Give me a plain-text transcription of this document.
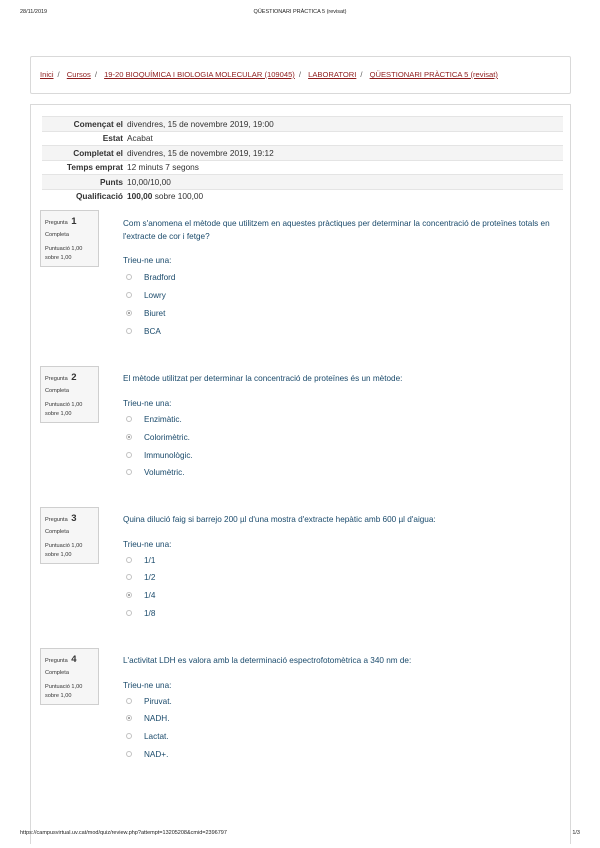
28/11/2019	QÜESTIONARI PRÀCTICA 5 (revisat)
Inici / Cursos / 19-20 BIOQUÍMICA I BIOLOGIA MOLECULAR (109045) / LABORATORI / QÜESTIONARI PRÀCTICA 5 (revisat)
Començat el divendres, 15 de novembre 2019, 19:00
Estat Acabat
Completat el divendres, 15 de novembre 2019, 19:12
Temps emprat 12 minuts 7 segons
Punts 10,00/10,00
Qualificació 100,00 sobre 100,00
Pregunta 1
Completa
Puntuació 1,00
sobre 1,00
Com s'anomena el mètode que utilitzem en aquestes pràctiques per determinar la concentració de proteïnes totals en l'extracte de cor i fetge?
Trieu-ne una:
Bradford
Lowry
Biuret
BCA
Pregunta 2
Completa
Puntuació 1,00
sobre 1,00
El mètode utilitzat per determinar la concentració de proteïnes és un mètode:
Trieu-ne una:
Enzimàtic.
Colorimètric.
Immunològic.
Volumètric.
Pregunta 3
Completa
Puntuació 1,00
sobre 1,00
Quina dilució faig si barrejo 200 µl d'una mostra d'extracte hepàtic amb 600 µl d'aigua:
Trieu-ne una:
1/1
1/2
1/4
1/8
Pregunta 4
Completa
Puntuació 1,00
sobre 1,00
L'activitat LDH es valora amb la determinació espectrofotomètrica a 340 nm de:
Trieu-ne una:
Piruvat.
NADH.
Lactat.
NAD+.
https://campusvirtual.uv.cat/mod/quiz/review.php?attempt=13205208&cmid=2396797	1/3
